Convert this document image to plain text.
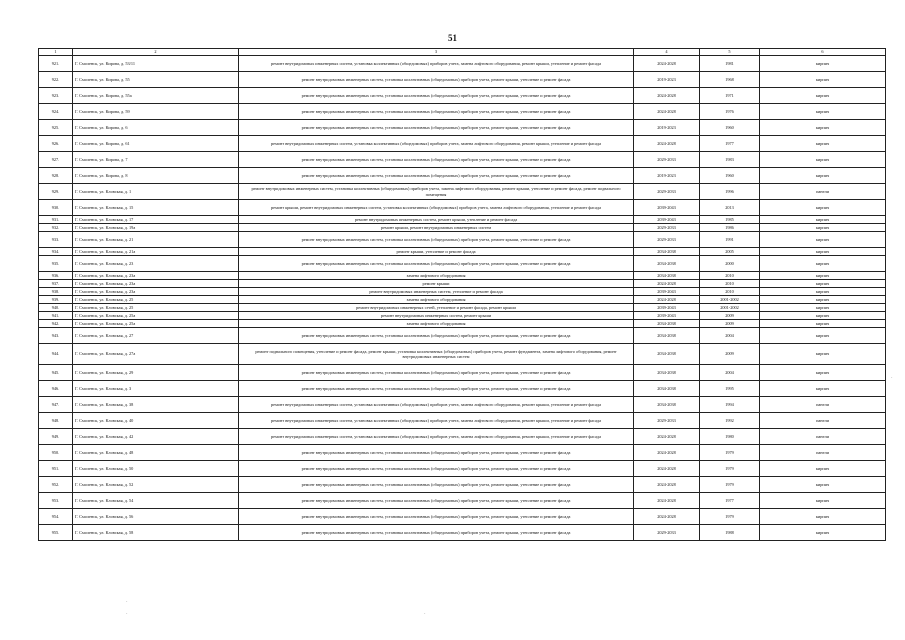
51
1	2	3	4	5	6
921.	Г. Смоленск, ул. Кирова, д. 53/11	ремонт внутридомовых инженерных систем, установка коллективных (общедомовых) приборов учета, замена лифтового оборудования, ремонт крыши, утепление и ремонт фасада	2024-2028	1981	кирпич
922.	Г. Смоленск, ул. Кирова, д. 55	ремонт внутридомовых инженерных систем, установка коллективных (общедомовых) приборов учета, ремонт крыши, утепление и ремонт фасада	2019-2023	1968	кирпич
923.	Г. Смоленск, ул. Кирова, д. 55а	ремонт внутридомовых инженерных систем, установка коллективных (общедомовых) приборов учета, ремонт крыши, утепление и ремонт фасада	2024-2028	1971	кирпич
924.	Г. Смоленск, ул. Кирова, д. 59	ремонт внутридомовых инженерных систем, установка коллективных (общедомовых) приборов учета, ремонт крыши, утепление и ремонт фасада	2024-2028	1976	кирпич
925.	Г. Смоленск, ул. Кирова, д. 6	ремонт внутридомовых инженерных систем, установка коллективных (общедомовых) приборов учета, ремонт крыши, утепление и ремонт фасада	2019-2023	1960	кирпич
926.	Г. Смоленск, ул. Кирова, д. 61	ремонт внутридомовых инженерных систем, установка коллективных (общедомовых) приборов учета, замена лифтового оборудования, ремонт крыши, утепление и ремонт фасада	2024-2028	1977	кирпич
927.	Г. Смоленск, ул. Кирова, д. 7	ремонт внутридомовых инженерных систем, установка коллективных (общедомовых) приборов учета, ремонт крыши, утепление и ремонт фасада	2029-2033	1983	кирпич
928.	Г. Смоленск, ул. Кирова, д. 8	ремонт внутридомовых инженерных систем, установка коллективных (общедомовых) приборов учета, ремонт крыши, утепление и ремонт фасада	2019-2023	1960	кирпич
929.	Г. Смоленск, ул. Кловская, д. 1	ремонт внутридомовых инженерных систем, установка коллективных (общедомовых) приборов учета, замена лифтового оборудования, ремонт крыши, утепление и ремонт фасада, ремонт подвального помещения	2029-2033	1996	панели
930.	Г. Смоленск, ул. Кловская, д. 15	ремонт крыши, ремонт внутридомовых инженерных систем, установка коллективных (общедомовых) приборов учета, замена лифтового оборудования, утепление и ремонт фасада	2039-2043	2013	кирпич
931.	Г. Смоленск, ул. Кловская, д. 17	ремонт внутридомовых инженерных систем, ремонт крыши, утепление и ремонт фасада	2039-2043	1985	кирпич
932.	Г. Смоленск, ул. Кловская, д. 19а	ремонт крыши, ремонт внутридомовых инженерных систем	2029-2033	1986	кирпич
933.	Г. Смоленск, ул. Кловская, д. 21	ремонт внутридомовых инженерных систем, установка коллективных (общедомовых) приборов учета, ремонт крыши, утепление и ремонт фасада	2029-2033	1991	кирпич
934.	Г. Смоленск, ул. Кловская, д. 21а	ремонт крыши, утепление и ремонт фасада	2034-2038	2005	кирпич
935.	Г. Смоленск, ул. Кловская, д. 23	ремонт внутридомовых инженерных систем, установка коллективных (общедомовых) приборов учета, ремонт крыши, утепление и ремонт фасада	2034-2038	2000	кирпич
936.	Г. Смоленск, ул. Кловская, д. 23а	замена лифтового оборудования	2034-2038	2010	кирпич
937.	Г. Смоленск, ул. Кловская, д. 23а	ремонт крыши	2024-2028	2010	кирпич
938.	Г. Смоленск, ул. Кловская, д. 23а	ремонт внутридомовых инженерных систем, утепление и ремонт фасада	2039-2043	2010	кирпич
939.	Г. Смоленск, ул. Кловская, д. 25	замена лифтового оборудования	2024-2028	2001-2002	кирпич
940.	Г. Смоленск, ул. Кловская, д. 25	ремонт внутридомовых инженерных сетей, утепление и ремонт фасада, ремонт крыши	2039-2043	2001-2002	кирпич
941.	Г. Смоленск, ул. Кловская, д. 25а	ремонт внутридомовых инженерных систем, ремонт крыши	2039-2043	2009	кирпич
942.	Г. Смоленск, ул. Кловская, д. 25а	замена лифтового оборудования	2034-2038	2009	кирпич
943.	Г. Смоленск, ул. Кловская, д. 27	ремонт внутридомовых инженерных систем, установка коллективных (общедомовых) приборов учета, ремонт крыши, утепление и ремонт фасада	2034-2038	2004	кирпич
944.	Г. Смоленск, ул. Кловская, д. 27а	ремонт подвального помещения, утепление и ремонт фасада, ремонт крыши, установка коллективных (общедомовых) приборов учета, ремонт фундамента, замена лифтового оборудования, ремонт внутридомовых инженерных систем	2034-2038	2009	кирпич
945.	Г. Смоленск, ул. Кловская, д. 29	ремонт внутридомовых инженерных систем, установка коллективных (общедомовых) приборов учета, ремонт крыши, утепление и ремонт фасада	2034-2038	2004	кирпич
946.	Г. Смоленск, ул. Кловская, д. 3	ремонт внутридомовых инженерных систем, установка коллективных (общедомовых) приборов учета, ремонт крыши, утепление и ремонт фасада	2034-2038	1995	кирпич
947.	Г. Смоленск, ул. Кловская, д. 38	ремонт внутридомовых инженерных систем, установка коллективных (общедомовых) приборов учета, замена лифтового оборудования, ремонт крыши, утепление и ремонт фасада	2034-2038	1994	панели
948.	Г. Смоленск, ул. Кловская, д. 40	ремонт внутридомовых инженерных систем, установка коллективных (общедомовых) приборов учета, замена лифтового оборудования, ремонт крыши, утепление и ремонт фасада	2029-2033	1992	панели
949.	Г. Смоленск, ул. Кловская, д. 42	ремонт внутридомовых инженерных систем, установка коллективных (общедомовых) приборов учета, замена лифтового оборудования, ремонт крыши, утепление и ремонт фасада	2024-2028	1980	панели
950.	Г. Смоленск, ул. Кловская, д. 48	ремонт внутридомовых инженерных систем, установка коллективных (общедомовых) приборов учета, ремонт крыши, утепление и ремонт фасада	2024-2028	1979	панели
951.	Г. Смоленск, ул. Кловская, д. 50	ремонт внутридомовых инженерных систем, установка коллективных (общедомовых) приборов учета, ремонт крыши, утепление и ремонт фасада	2024-2028	1979	кирпич
952.	Г. Смоленск, ул. Кловская, д. 52	ремонт внутридомовых инженерных систем, установка коллективных (общедомовых) приборов учета, ремонт крыши, утепление и ремонт фасада	2024-2028	1979	кирпич
953.	Г. Смоленск, ул. Кловская, д. 54	ремонт внутридомовых инженерных систем, установка коллективных (общедомовых) приборов учета, ремонт крыши, утепление и ремонт фасада	2024-2028	1977	кирпич
954.	Г. Смоленск, ул. Кловская, д. 56	ремонт внутридомовых инженерных систем, установка коллективных (общедомовых) приборов учета, ремонт крыши, утепление и ремонт фасада	2024-2028	1979	кирпич
955.	Г. Смоленск, ул. Кловская, д. 58	ремонт внутридомовых инженерных систем, установка коллективных (общедомовых) приборов учета, ремонт крыши, утепление и ремонт фасада	2029-2033	1988	кирпич
·
·	·
·
